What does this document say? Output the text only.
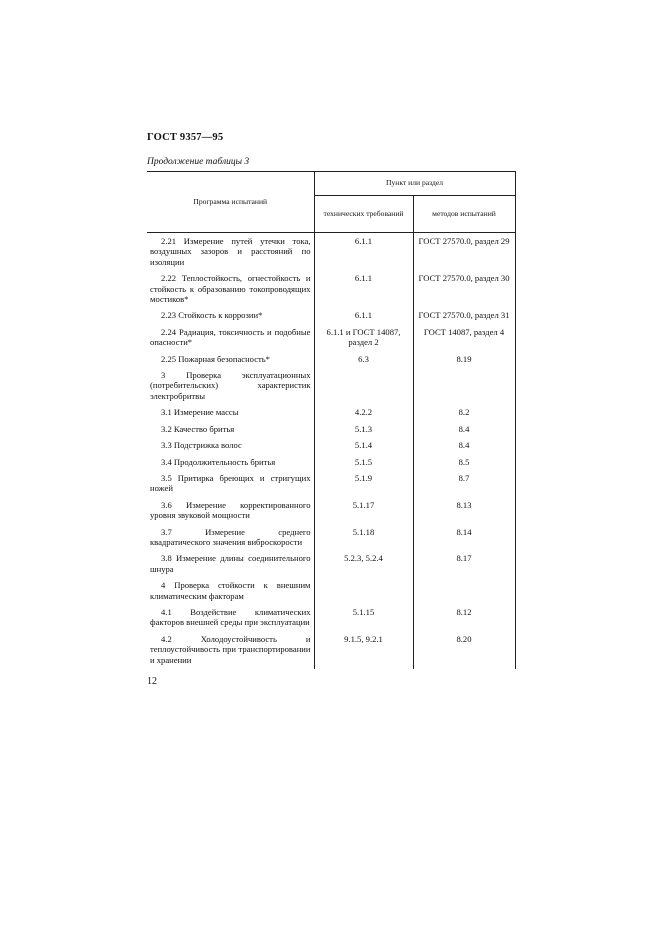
ГОСТ 9357—95
Продолжение таблицы 3
Программа испытаний	Пункт или раздел	
	технических требований	методов испытаний
2.21 Измерение путей утечки тока, воздушных зазоров и расстояний по изоляции	6.1.1	ГОСТ 27570.0, раздел 29
2.22 Теплостойкость, огнестойкость и стойкость к образованию токопроводящих мостиков*	6.1.1	ГОСТ 27570.0, раздел 30
2.23 Стойкость к коррозии*	6.1.1	ГОСТ 27570.0, раздел 31
2.24 Радиация, токсичность и подобные опасности*	6.1.1 и ГОСТ 14087, раздел 2	ГОСТ 14087, раздел 4
2.25 Пожарная безопасность*	6.3	8.19
3 Проверка эксплуатационных (потребительских) характеристик электробритвы		
3.1 Измерение массы	4.2.2	8.2
3.2 Качество бритья	5.1.3	8.4
3.3 Подстрижка волос	5.1.4	8.4
3.4 Продолжительность бритья	5.1.5	8.5
3.5 Притирка бреющих и стригущих ножей	5.1.9	8.7
3.6 Измерение корректированного уровня звуковой мощности	5.1.17	8.13
3.7 Измерение среднего квадратического значения виброскорости	5.1.18	8.14
3.8 Измерение длины соединительного шнура	5.2.3, 5.2.4	8.17
4 Проверка стойкости к внешним климатическим факторам		
4.1 Воздействие климатических факторов внешней среды при эксплуатации	5.1.15	8.12
4.2 Холодоустойчивость и теплоустойчивость при транспортировании и хранении	9.1.5, 9.2.1	8.20
12
